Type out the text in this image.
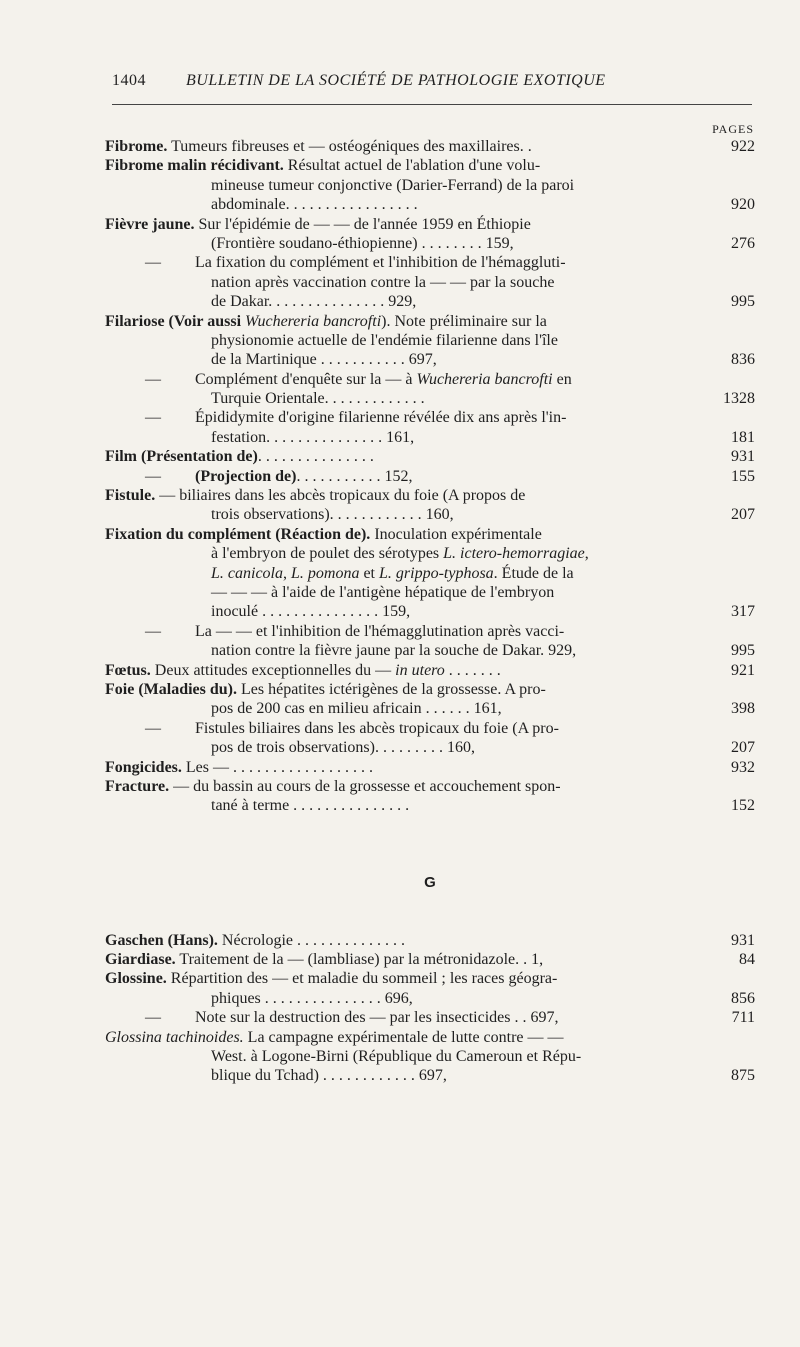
1404	BULLETIN DE LA SOCIÉTÉ DE PATHOLOGIE EXOTIQUE
PAGES
Fibrome. Tumeurs fibreuses et — ostéogéniques des maxillaires. .	922
Fibrome malin récidivant. Résultat actuel de l'ablation d'une volu-
mineuse tumeur conjonctive (Darier-Ferrand) de la paroi
abdominale. . . . . . . . . . . . . . . . .	920
Fièvre jaune. Sur l'épidémie de — — de l'année 1959 en Éthiopie
(Frontière soudano-éthiopienne) . . . . . . . . 159,	276
— La fixation du complément et l'inhibition de l'hémaggluti-
nation après vaccination contre la — — par la souche
de Dakar. . . . . . . . . . . . . . . 929,	995
Filariose (Voir aussi Wuchereria bancrofti). Note préliminaire sur la
physionomie actuelle de l'endémie filarienne dans l'île
de la Martinique . . . . . . . . . . . 697,	836
— Complément d'enquête sur la — à Wuchereria bancrofti en
Turquie Orientale. . . . . . . . . . . . .	1328
— Épididymite d'origine filarienne révélée dix ans après l'in-
festation. . . . . . . . . . . . . . . 161,	181
Film (Présentation de). . . . . . . . . . . . . . .	931
— (Projection de). . . . . . . . . . . 152,	155
Fistule. — biliaires dans les abcès tropicaux du foie (A propos de
trois observations). . . . . . . . . . . . 160,	207
Fixation du complément (Réaction de). Inoculation expérimentale
à l'embryon de poulet des sérotypes L. ictero-hemorragiae,
L. canicola, L. pomona et L. grippo-typhosa. Étude de la
— — — à l'aide de l'antigène hépatique de l'embryon
inoculé . . . . . . . . . . . . . . . 159,	317
— La — — et l'inhibition de l'hémagglutination après vacci-
nation contre la fièvre jaune par la souche de Dakar. 929,	995
Fœtus. Deux attitudes exceptionnelles du — in utero . . . . . . .	921
Foie (Maladies du). Les hépatites ictérigènes de la grossesse. A pro-
pos de 200 cas en milieu africain . . . . . . 161,	398
— Fistules biliaires dans les abcès tropicaux du foie (A pro-
pos de trois observations). . . . . . . . . 160,	207
Fongicides. Les — . . . . . . . . . . . . . . . . . .	932
Fracture. — du bassin au cours de la grossesse et accouchement spon-
tané à terme . . . . . . . . . . . . . . .	152
G
Gaschen (Hans). Nécrologie . . . . . . . . . . . . . .	931
Giardiase. Traitement de la — (lambliase) par la métronidazole. . 1,	84
Glossine. Répartition des — et maladie du sommeil ; les races géogra-
phiques . . . . . . . . . . . . . . . 696,	856
— Note sur la destruction des — par les insecticides . . 697,	711
Glossina tachinoides. La campagne expérimentale de lutte contre — —
West. à Logone-Birni (République du Cameroun et Répu-
blique du Tchad) . . . . . . . . . . . . 697,	875
